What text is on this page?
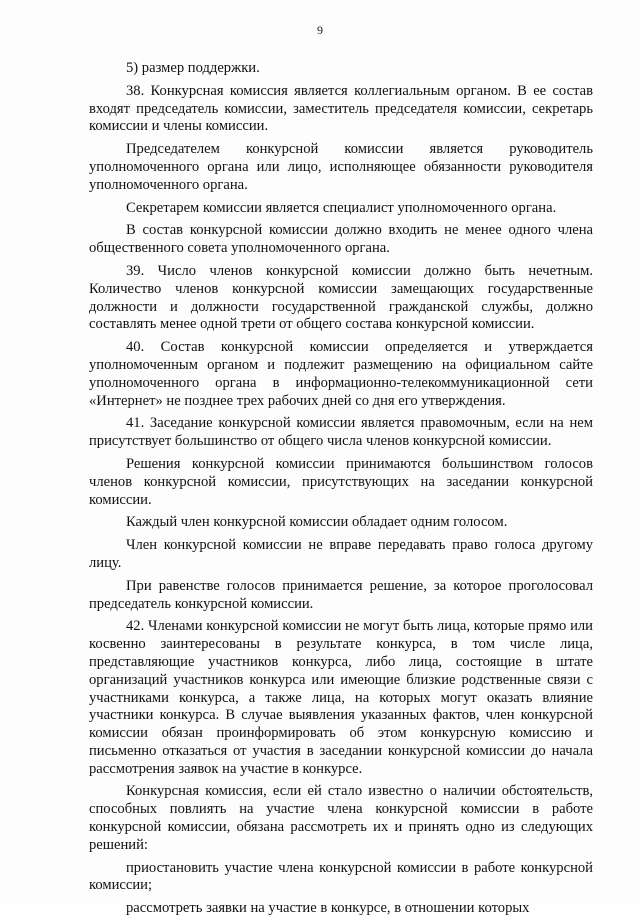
9

5) размер поддержки.

38. Конкурсная комиссия является коллегиальным органом. В ее состав входят председатель комиссии, заместитель председателя комиссии, секретарь комиссии и члены комиссии.

Председателем конкурсной комиссии является руководитель уполномоченного органа или лицо, исполняющее обязанности руководителя уполномоченного органа.

Секретарем комиссии является специалист уполномоченного органа.

В состав конкурсной комиссии должно входить не менее одного члена общественного совета уполномоченного органа.

39. Число членов конкурсной комиссии должно быть нечетным. Количество членов конкурсной комиссии замещающих государственные должности и должности государственной гражданской службы, должно составлять менее одной трети от общего состава конкурсной комиссии.

40. Состав конкурсной комиссии определяется и утверждается уполномоченным органом и подлежит размещению на официальном сайте уполномоченного органа в информационно-телекоммуникационной сети «Интернет» не позднее трех рабочих дней со дня его утверждения.

41. Заседание конкурсной комиссии является правомочным, если на нем присутствует большинство от общего числа членов конкурсной комиссии.

Решения конкурсной комиссии принимаются большинством голосов членов конкурсной комиссии, присутствующих на заседании конкурсной комиссии.

Каждый член конкурсной комиссии обладает одним голосом.

Член конкурсной комиссии не вправе передавать право голоса другому лицу.

При равенстве голосов принимается решение, за которое проголосовал председатель конкурсной комиссии.

42. Членами конкурсной комиссии не могут быть лица, которые прямо или косвенно заинтересованы в результате конкурса, в том числе лица, представляющие участников конкурса, либо лица, состоящие в штате организаций участников конкурса или имеющие близкие родственные связи с участниками конкурса, а также лица, на которых могут оказать влияние участники конкурса. В случае выявления указанных фактов, член конкурсной комиссии обязан проинформировать об этом конкурсную комиссию и письменно отказаться от участия в заседании конкурсной комиссии до начала рассмотрения заявок на участие в конкурсе.

Конкурсная комиссия, если ей стало известно о наличии обстоятельств, способных повлиять на участие члена конкурсной комиссии в работе конкурсной комиссии, обязана рассмотреть их и принять одно из следующих решений:

приостановить участие члена конкурсной комиссии в работе конкурсной комиссии;

рассмотреть заявки на участие в конкурсе, в отношении которых
